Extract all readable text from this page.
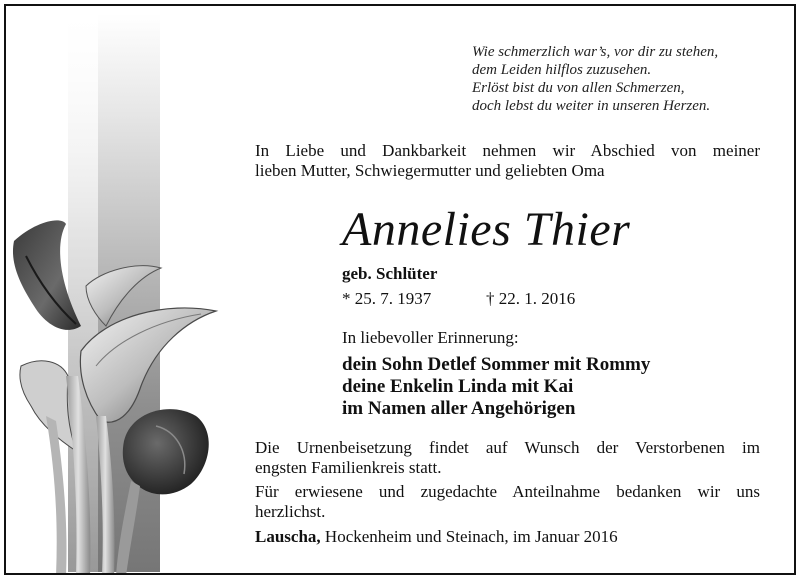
Wie schmerzlich war’s, vor dir zu stehen,
dem Leiden hilflos zuzusehen.
Erlöst bist du von allen Schmerzen,
doch lebst du weiter in unseren Herzen.
In Liebe und Dankbarkeit nehmen wir Abschied von meiner
lieben Mutter, Schwiegermutter und geliebten Oma
Annelies Thier
geb. Schlüter
* 25. 7. 1937	† 22. 1. 2016
In liebevoller Erinnerung:
dein Sohn Detlef Sommer mit Rommy
deine Enkelin Linda mit Kai
im Namen aller Angehörigen
Die Urnenbeisetzung findet auf Wunsch der Verstorbenen im
engsten Familienkreis statt.
Für erwiesene und zugedachte Anteilnahme bedanken wir uns
herzlichst.
Lauscha, Hockenheim und Steinach, im Januar 2016
